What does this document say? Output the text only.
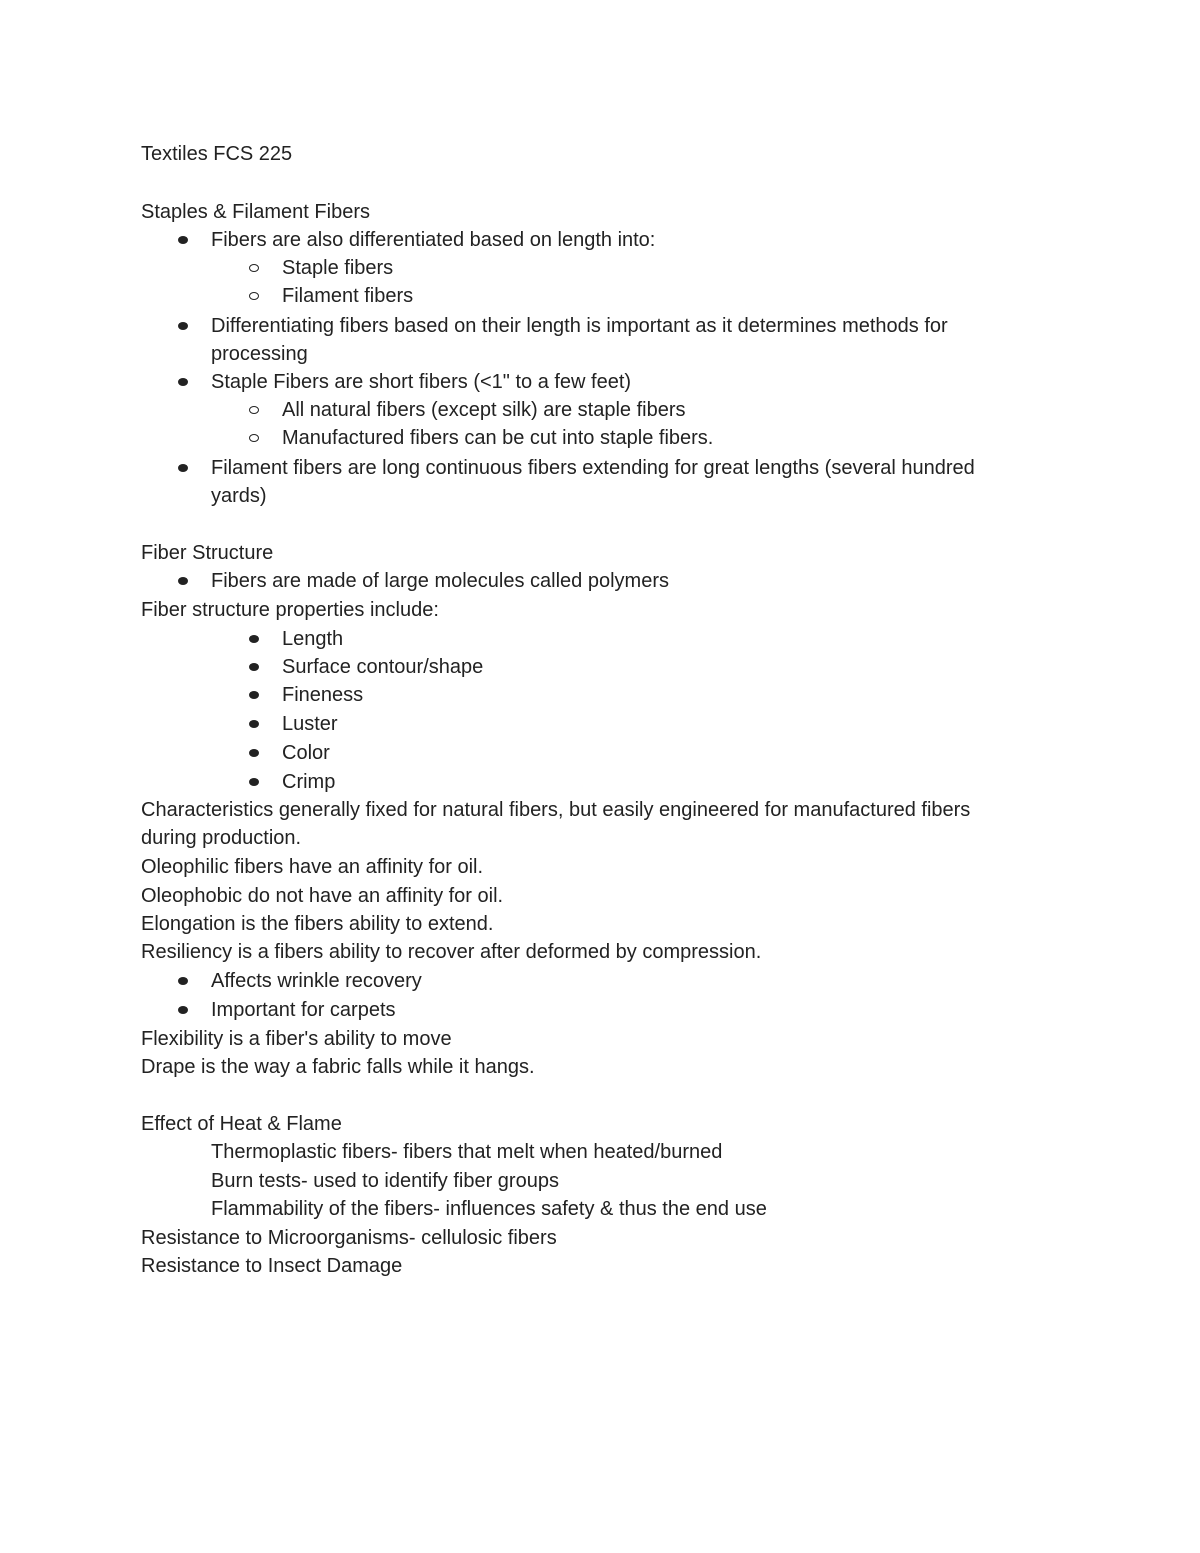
Textiles FCS 225
Staples & Filament Fibers
Fibers are also differentiated based on length into:
Staple fibers
Filament fibers
Differentiating fibers based on their length is important as it determines methods for
processing
Staple Fibers are short fibers (<1" to a few feet)
All natural fibers (except silk) are staple fibers
Manufactured fibers can be cut into staple fibers.
Filament fibers are long continuous fibers extending for great lengths (several hundred
yards)
Fiber Structure
Fibers are made of large molecules called polymers
Fiber structure properties include:
Length
Surface contour/shape
Fineness
Luster
Color
Crimp
Characteristics generally fixed for natural fibers, but easily engineered for manufactured fibers
during production.
Oleophilic fibers have an affinity for oil.
Oleophobic do not have an affinity for oil.
Elongation is the fibers ability to extend.
Resiliency is a fibers ability to recover after deformed by compression.
Affects wrinkle recovery
Important for carpets
Flexibility is a fiber's ability to move
Drape is the way a fabric falls while it hangs.
Effect of Heat & Flame
Thermoplastic fibers- fibers that melt when heated/burned
Burn tests- used to identify fiber groups
Flammability of the fibers- influences safety & thus the end use
Resistance to Microorganisms- cellulosic fibers
Resistance to Insect Damage
